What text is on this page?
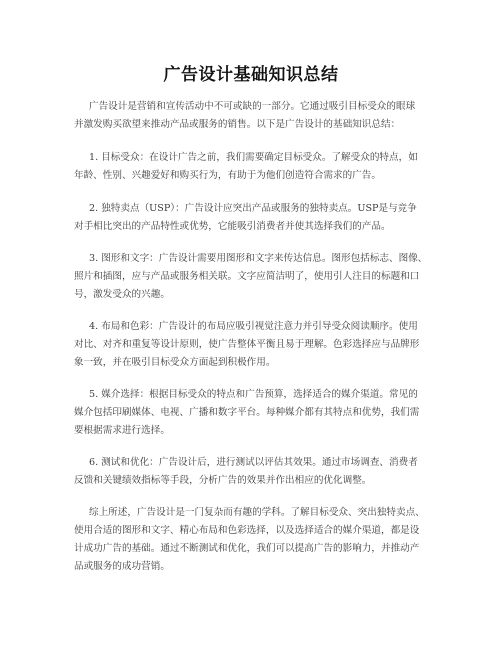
广告设计基础知识总结

广告设计是营销和宣传活动中不可或缺的一部分。它通过吸引目标受众的眼球
并激发购买欲望来推动产品或服务的销售。以下是广告设计的基础知识总结：

1. 目标受众：在设计广告之前，我们需要确定目标受众。了解受众的特点，如
年龄、性别、兴趣爱好和购买行为，有助于为他们创造符合需求的广告。

2. 独特卖点（USP）：广告设计应突出产品或服务的独特卖点。USP是与竞争
对手相比突出的产品特性或优势，它能吸引消费者并使其选择我们的产品。

3. 图形和文字：广告设计需要用图形和文字来传达信息。图形包括标志、图像、
照片和插图，应与产品或服务相关联。文字应简洁明了，使用引人注目的标题和口
号，激发受众的兴趣。

4. 布局和色彩：广告设计的布局应吸引视觉注意力并引导受众阅读顺序。使用
对比、对齐和重复等设计原则，使广告整体平衡且易于理解。色彩选择应与品牌形
象一致，并在吸引目标受众方面起到积极作用。

5. 媒介选择：根据目标受众的特点和广告预算，选择适合的媒介渠道。常见的
媒介包括印刷媒体、电视、广播和数字平台。每种媒介都有其特点和优势，我们需
要根据需求进行选择。

6. 测试和优化：广告设计后，进行测试以评估其效果。通过市场调查、消费者
反馈和关键绩效指标等手段，分析广告的效果并作出相应的优化调整。

综上所述，广告设计是一门复杂而有趣的学科。了解目标受众、突出独特卖点、
使用合适的图形和文字、精心布局和色彩选择，以及选择适合的媒介渠道，都是设
计成功广告的基础。通过不断测试和优化，我们可以提高广告的影响力，并推动产
品或服务的成功营销。
